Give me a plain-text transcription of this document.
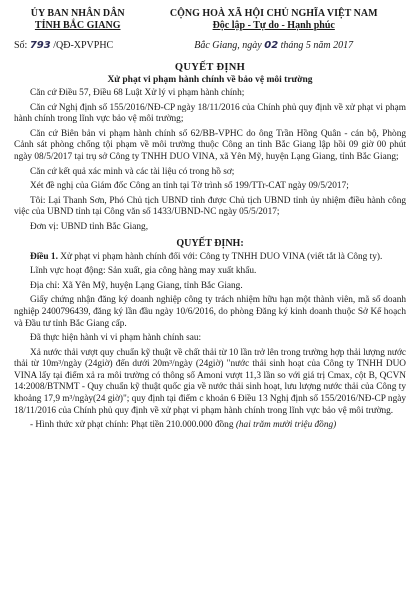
ỦY BAN NHÂN DÂN
TỈNH BẮC GIANG
Số: 793 /QĐ-XPVPHC
CỘNG HOÀ XÃ HỘI CHỦ NGHĨA VIỆT NAM
Độc lập - Tự do - Hạnh phúc
Bắc Giang, ngày 02 tháng 5 năm 2017
QUYẾT ĐỊNH
Xử phạt vi phạm hành chính về bảo vệ môi trường

Căn cứ Điều 57, Điều 68 Luật Xử lý vi phạm hành chính;

Căn cứ Nghị định số 155/2016/NĐ-CP ngày 18/11/2016 của Chính phủ quy định về xử phạt vi phạm hành chính trong lĩnh vực bảo vệ môi trường;

Căn cứ Biên bản vi phạm hành chính số 62/BB-VPHC do ông Trần Hồng Quân - cán bộ, Phòng Cảnh sát phòng chống tội phạm về môi trường thuộc Công an tỉnh Bắc Giang lập hồi 09 giờ 00 phút ngày 08/5/2017 tại trụ sở Công ty TNHH DUO VINA, xã Yên Mỹ, huyện Lạng Giang, tỉnh Bắc Giang;

Căn cứ kết quả xác minh và các tài liệu có trong hồ sơ;

Xét đề nghị của Giám đốc Công an tỉnh tại Tờ trình số 199/TTr-CAT ngày 09/5/2017;

Tôi: Lại Thanh Sơn, Phó Chủ tịch UBND tỉnh được Chủ tịch UBND tỉnh ủy nhiệm điều hành công việc của UBND tỉnh tại Công văn số 1433/UBND-NC ngày 05/5/2017;

Đơn vị: UBND tỉnh Bắc Giang,

QUYẾT ĐỊNH:

Điều 1. Xử phạt vi phạm hành chính đối với: Công ty TNHH DUO VINA (viết tắt là Công ty).

Lĩnh vực hoạt động: Sản xuất, gia công hàng may xuất khẩu.

Địa chỉ: Xã Yên Mỹ, huyện Lạng Giang, tỉnh Bắc Giang.

Giấy chứng nhận đăng ký doanh nghiệp công ty trách nhiệm hữu hạn một thành viên, mã số doanh nghiệp 2400796439, đăng ký lần đầu ngày 10/6/2016, do phòng Đăng ký kinh doanh thuộc Sở Kế hoạch và Đầu tư tỉnh Bắc Giang cấp.

Đã thực hiện hành vi vi phạm hành chính sau:

Xả nước thải vượt quy chuẩn kỹ thuật về chất thải từ 10 lần trở lên trong trường hợp thải lượng nước thải từ 10m³/ngày (24giờ) đến dưới 20m³/ngày (24giờ) "nước thải sinh hoạt của Công ty TNHH DUO VINA lấy tại điểm xả ra môi trường có thông số Amoni vượt 11,3 lần so với giá trị Cmax, cột B, QCVN 14:2008/BTNMT - Quy chuẩn kỹ thuật quốc gia về nước thải sinh hoạt, lưu lượng nước thải của Công ty khoảng 17,9 m³/ngày(24 giờ)"; quy định tại điểm c khoản 6 Điều 13 Nghị định số 155/2016/NĐ-CP ngày 18/11/2016 của Chính phủ quy định về xử phạt vi phạm hành chính trong lĩnh vực bảo vệ môi trường.

- Hình thức xử phạt chính: Phạt tiền 210.000.000 đồng (hai trăm mười triệu đồng)
